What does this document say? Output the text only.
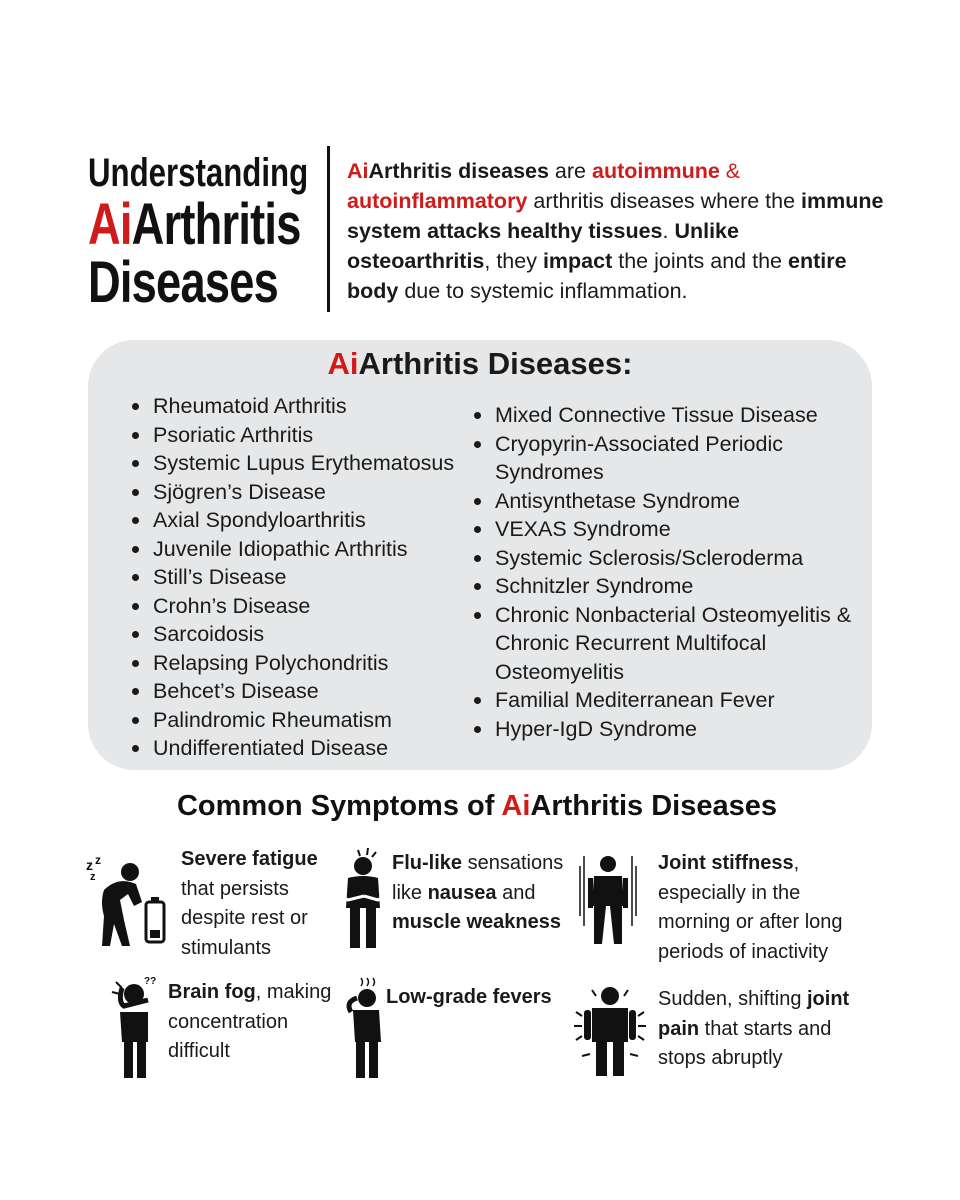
Understanding
AiArthritis
Diseases
AiArthritis diseases are autoimmune & autoinflammatory arthritis diseases where the immune system attacks healthy tissues. Unlike osteoarthritis, they impact the joints and the entire body due to systemic inflammation.
AiArthritis Diseases:
Rheumatoid Arthritis
Psoriatic Arthritis
Systemic Lupus Erythematosus
Sjögren’s Disease
Axial Spondyloarthritis
Juvenile Idiopathic Arthritis
Still’s Disease
Crohn’s Disease
Sarcoidosis
Relapsing Polychondritis
Behcet’s Disease
Palindromic Rheumatism
Undifferentiated Disease
Mixed Connective Tissue Disease
Cryopyrin-Associated Periodic Syndromes
Antisynthetase Syndrome
VEXAS Syndrome
Systemic Sclerosis/Scleroderma
Schnitzler Syndrome
Chronic Nonbacterial Osteomyelitis & Chronic Recurrent Multifocal Osteomyelitis
Familial Mediterranean Fever
Hyper-IgD Syndrome
Common Symptoms of AiArthritis Diseases
z z
z
Severe fatigue that persists despite rest or stimulants
Flu-like sensations like nausea and muscle weakness
Joint stiffness, especially in the morning or after long periods of inactivity
?? Brain fog, making concentration difficult
Low-grade fevers	Sudden, shifting joint pain that starts and stops abruptly
